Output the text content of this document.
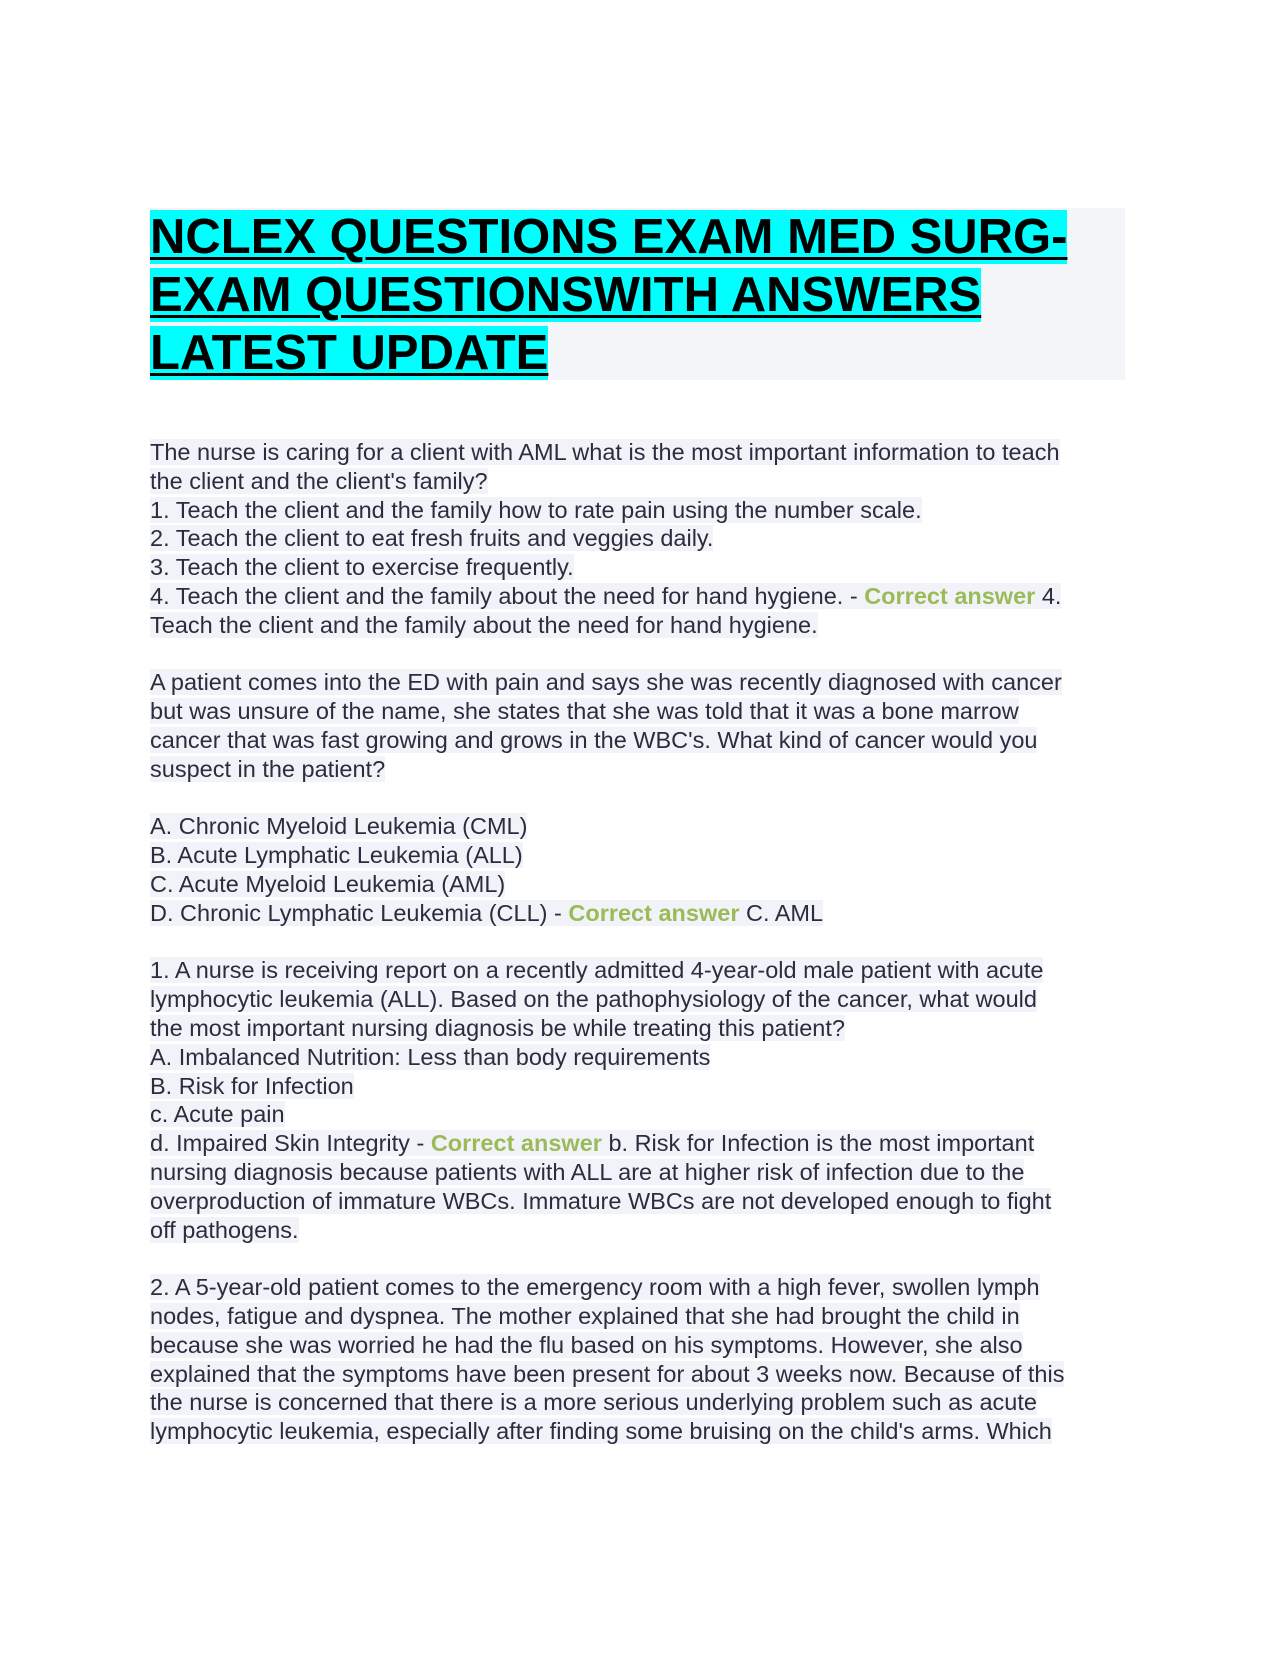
NCLEX QUESTIONS EXAM MED SURG-
EXAM QUESTIONSWITH ANSWERS
LATEST UPDATE
The nurse is caring for a client with AML what is the most important information to teach
the client and the client's family?
1. Teach the client and the family how to rate pain using the number scale.
2. Teach the client to eat fresh fruits and veggies daily.
3. Teach the client to exercise frequently.
4. Teach the client and the family about the need for hand hygiene. - Correct answer 4.
Teach the client and the family about the need for hand hygiene.
A patient comes into the ED with pain and says she was recently diagnosed with cancer
but was unsure of the name, she states that she was told that it was a bone marrow
cancer that was fast growing and grows in the WBC's. What kind of cancer would you
suspect in the patient?
A. Chronic Myeloid Leukemia (CML)
B. Acute Lymphatic Leukemia (ALL)
C. Acute Myeloid Leukemia (AML)
D. Chronic Lymphatic Leukemia (CLL) - Correct answer C. AML
1. A nurse is receiving report on a recently admitted 4-year-old male patient with acute
lymphocytic leukemia (ALL). Based on the pathophysiology of the cancer, what would
the most important nursing diagnosis be while treating this patient?
A. Imbalanced Nutrition: Less than body requirements
B. Risk for Infection
c. Acute pain
d. Impaired Skin Integrity - Correct answer b. Risk for Infection is the most important
nursing diagnosis because patients with ALL are at higher risk of infection due to the
overproduction of immature WBCs. Immature WBCs are not developed enough to fight
off pathogens.
2. A 5-year-old patient comes to the emergency room with a high fever, swollen lymph
nodes, fatigue and dyspnea. The mother explained that she had brought the child in
because she was worried he had the flu based on his symptoms. However, she also
explained that the symptoms have been present for about 3 weeks now. Because of this
the nurse is concerned that there is a more serious underlying problem such as acute
lymphocytic leukemia, especially after finding some bruising on the child's arms. Which
